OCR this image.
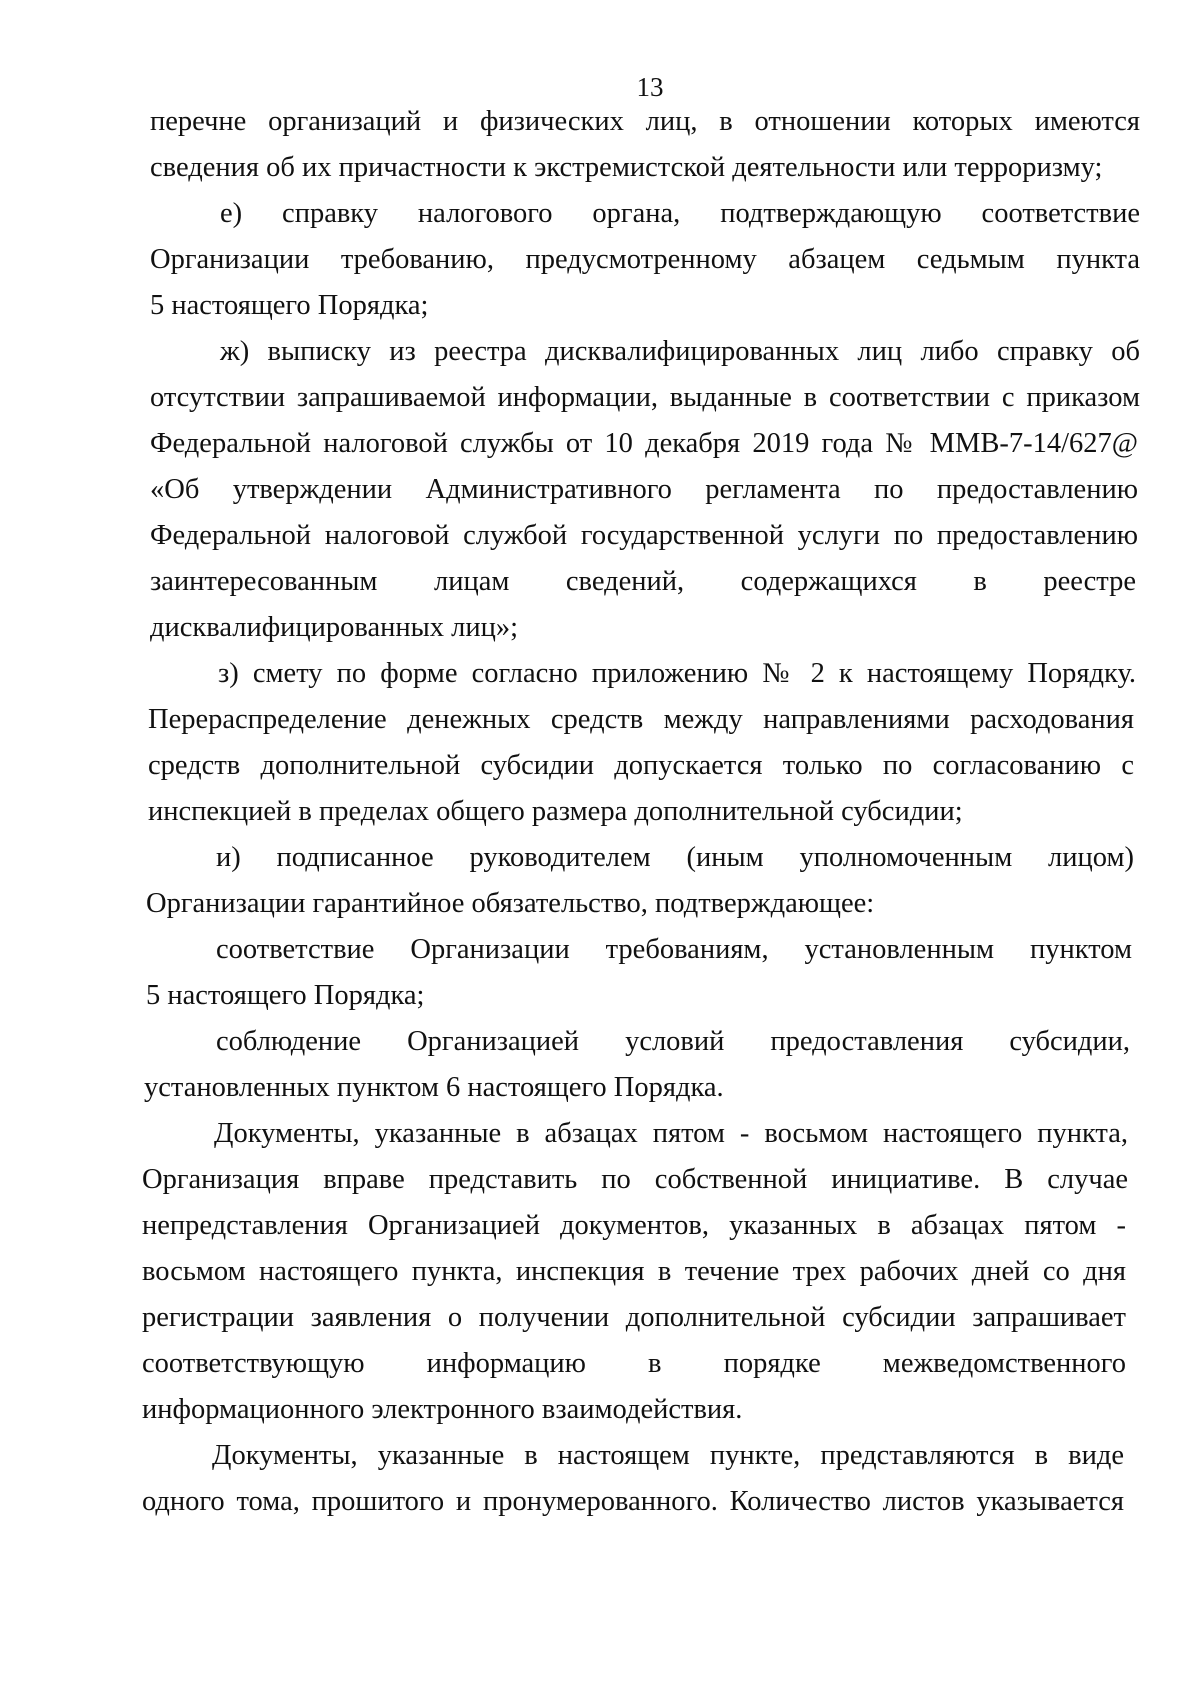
13

перечне организаций и физических лиц, в отношении которых имеются

сведения об их причастности к экстремистской деятельности или терроризму;

е) справку налогового органа, подтверждающую соответствие

Организации требованию, предусмотренному абзацем седьмым пункта

5 настоящего Порядка;

ж) выписку из реестра дисквалифицированных лиц либо справку об

отсутствии запрашиваемой информации, выданные в соответствии с приказом

Федеральной налоговой службы от 10 декабря 2019 года № ММВ-7-14/627@

«Об утверждении Административного регламента по предоставлению

Федеральной налоговой службой государственной услуги по предоставлению

заинтересованным лицам сведений, содержащихся в реестре

дисквалифицированных лиц»;

з) смету по форме согласно приложению № 2 к настоящему Порядку.

Перераспределение денежных средств между направлениями расходования

средств дополнительной субсидии допускается только по согласованию с

инспекцией в пределах общего размера дополнительной субсидии;

и) подписанное руководителем (иным уполномоченным лицом)

Организации гарантийное обязательство, подтверждающее:

соответствие Организации требованиям, установленным пунктом

5 настоящего Порядка;

соблюдение Организацией условий предоставления субсидии,

установленных пунктом 6 настоящего Порядка.

Документы, указанные в абзацах пятом - восьмом настоящего пункта,

Организация вправе представить по собственной инициативе. В случае

непредставления Организацией документов, указанных в абзацах пятом -

восьмом настоящего пункта, инспекция в течение трех рабочих дней со дня

регистрации заявления о получении дополнительной субсидии запрашивает

соответствующую информацию в порядке межведомственного

информационного электронного взаимодействия.

Документы, указанные в настоящем пункте, представляются в виде

одного тома, прошитого и пронумерованного. Количество листов указывается
